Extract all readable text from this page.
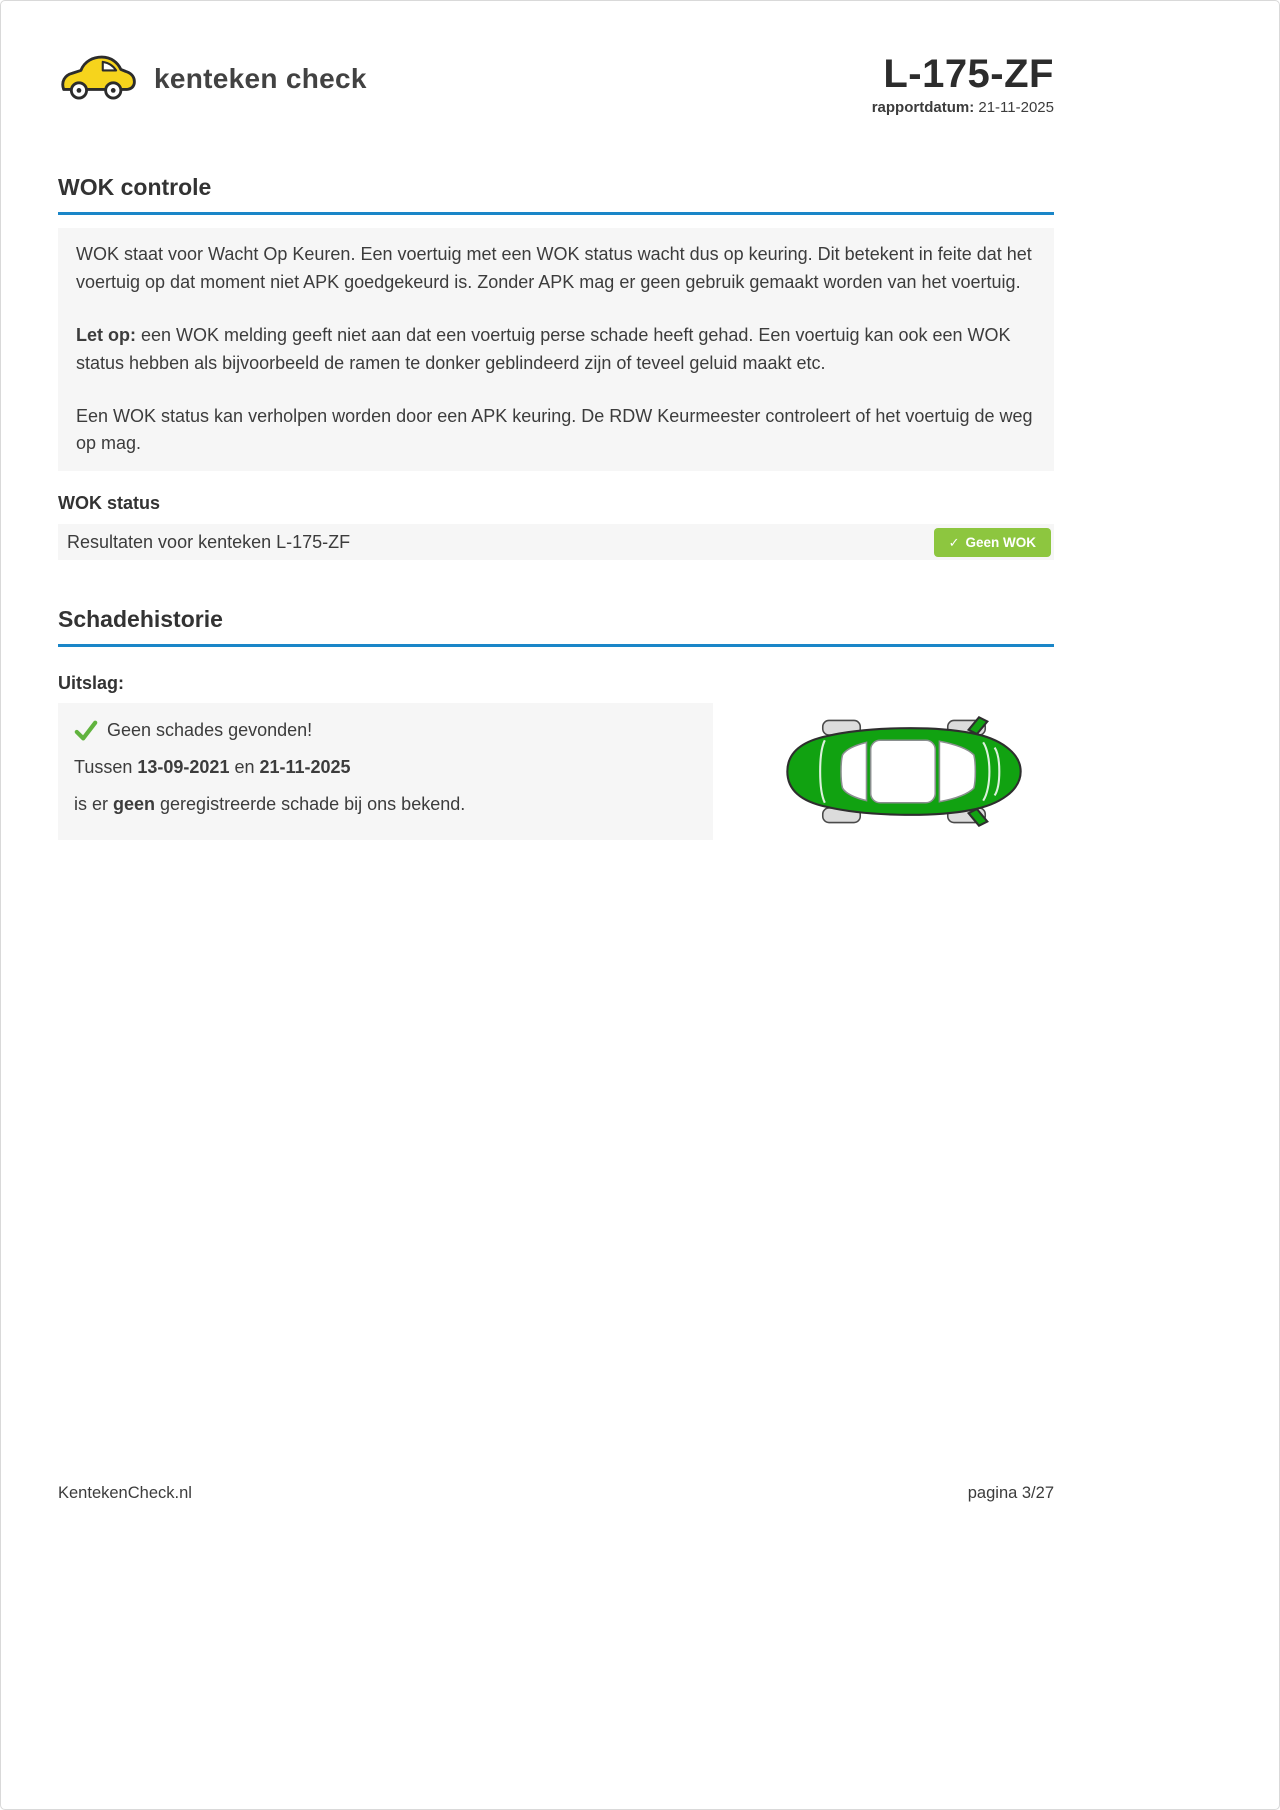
kenteken check	L-175-ZF
rapportdatum: 21-11-2025
WOK controle

WOK staat voor Wacht Op Keuren. Een voertuig met een WOK status wacht dus op keuring. Dit betekent in feite dat het voertuig op dat moment niet APK goedgekeurd is. Zonder APK mag er geen gebruik gemaakt worden van het voertuig.

Let op: een WOK melding geeft niet aan dat een voertuig perse schade heeft gehad. Een voertuig kan ook een WOK status hebben als bijvoorbeeld de ramen te donker geblindeerd zijn of teveel geluid maakt etc.

Een WOK status kan verholpen worden door een APK keuring. De RDW Keurmeester controleert of het voertuig de weg op mag.

WOK status
Resultaten voor kenteken L-175-ZF	✓ Geen WOK
Schadehistorie
Uitslag:
Geen schades gevonden!
Tussen 13-09-2021 en 21-11-2025
is er geen geregistreerde schade bij ons bekend.
KentekenCheck.nl	pagina 3/27
